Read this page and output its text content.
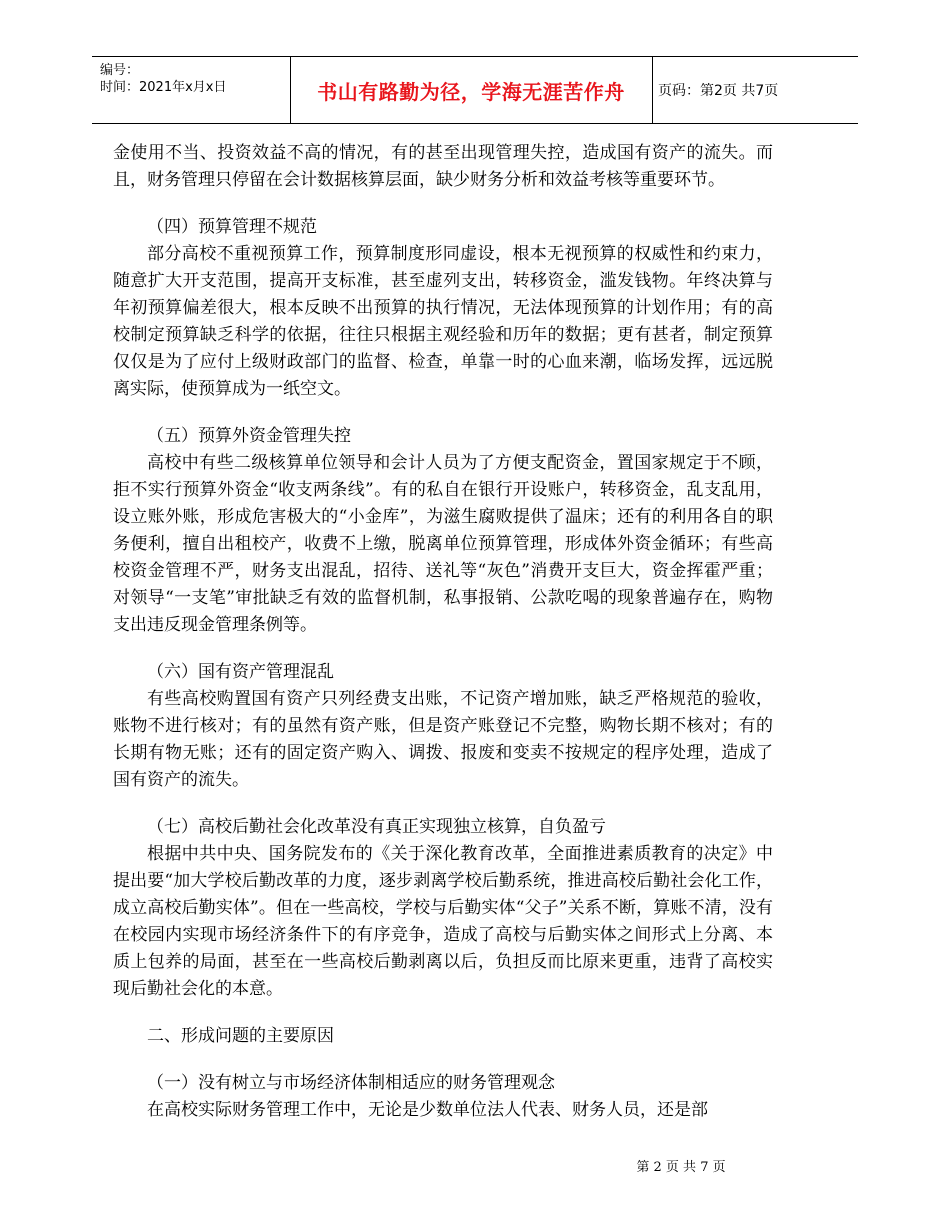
编号：
时间：2021年x月x日	书山有路勤为径，学海无涯苦作舟	页码：第2页 共7页

金使用不当、投资效益不高的情况，有的甚至出现管理失控，造成国有资产的流失。而且，财务管理只停留在会计数据核算层面，缺少财务分析和效益考核等重要环节。

（四）预算管理不规范

部分高校不重视预算工作，预算制度形同虚设，根本无视预算的权威性和约束力，随意扩大开支范围，提高开支标准，甚至虚列支出，转移资金，滥发钱物。年终决算与年初预算偏差很大，根本反映不出预算的执行情况，无法体现预算的计划作用；有的高校制定预算缺乏科学的依据，往往只根据主观经验和历年的数据；更有甚者，制定预算仅仅是为了应付上级财政部门的监督、检查，单靠一时的心血来潮，临场发挥，远远脱离实际，使预算成为一纸空文。

（五）预算外资金管理失控

高校中有些二级核算单位领导和会计人员为了方便支配资金，置国家规定于不顾，拒不实行预算外资金“收支两条线”。有的私自在银行开设账户，转移资金，乱支乱用，设立账外账，形成危害极大的“小金库”，为滋生腐败提供了温床；还有的利用各自的职务便利，擅自出租校产，收费不上缴，脱离单位预算管理，形成体外资金循环；有些高校资金管理不严，财务支出混乱，招待、送礼等“灰色”消费开支巨大，资金挥霍严重；对领导“一支笔”审批缺乏有效的监督机制，私事报销、公款吃喝的现象普遍存在，购物支出违反现金管理条例等。

（六）国有资产管理混乱

有些高校购置国有资产只列经费支出账，不记资产增加账，缺乏严格规范的验收，账物不进行核对；有的虽然有资产账，但是资产账登记不完整，购物长期不核对；有的长期有物无账；还有的固定资产购入、调拨、报废和变卖不按规定的程序处理，造成了国有资产的流失。

（七）高校后勤社会化改革没有真正实现独立核算，自负盈亏

根据中共中央、国务院发布的《关于深化教育改革，全面推进素质教育的决定》中提出要“加大学校后勤改革的力度，逐步剥离学校后勤系统，推进高校后勤社会化工作，成立高校后勤实体”。但在一些高校，学校与后勤实体“父子”关系不断，算账不清，没有在校园内实现市场经济条件下的有序竞争，造成了高校与后勤实体之间形式上分离、本质上包养的局面，甚至在一些高校后勤剥离以后，负担反而比原来更重，违背了高校实现后勤社会化的本意。

二、形成问题的主要原因

（一）没有树立与市场经济体制相适应的财务管理观念

在高校实际财务管理工作中，无论是少数单位法人代表、财务人员，还是部

第 2 页 共 7 页
